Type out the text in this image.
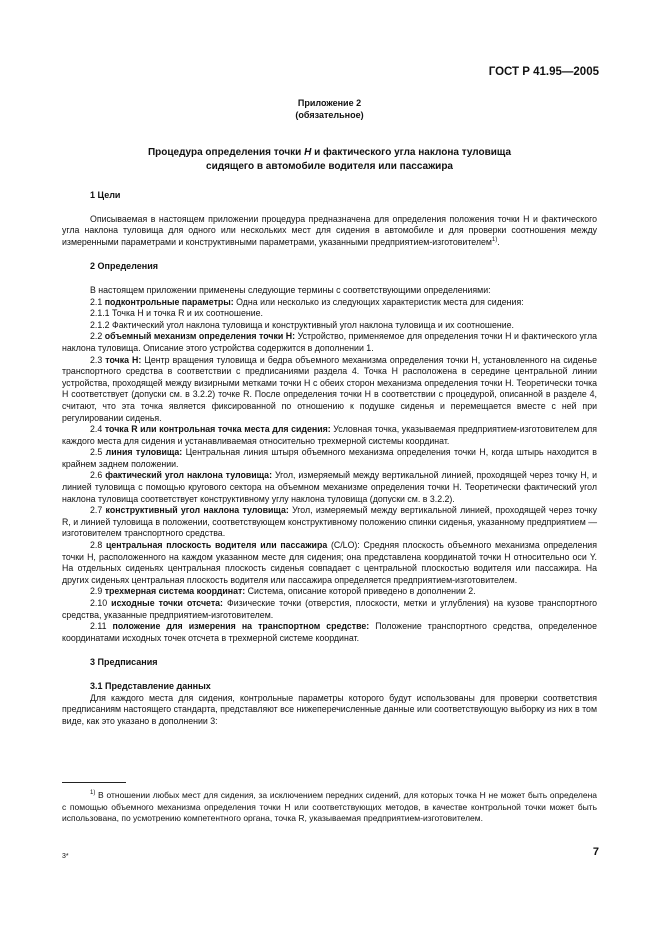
ГОСТ Р 41.95—2005
Приложение 2
(обязательное)
Процедура определения точки Н и фактического угла наклона туловища
сидящего в автомобиле водителя или пассажира
1 Цели

Описываемая в настоящем приложении процедура предназначена для определения положения точки Н и фактического угла наклона туловища для одного или нескольких мест для сидения в автомобиле и для проверки соотношения между измеренными параметрами и конструктивными параметрами, указанными предприятием-изготовителем$^{1)}$.

2 Определения

В настоящем приложении применены следующие термины с соответствующими определениями:

2.1 подконтрольные параметры: Одна или несколько из следующих характеристик места для сидения:

2.1.1 Точка Н и точка R и их соотношение.

2.1.2 Фактический угол наклона туловища и конструктивный угол наклона туловища и их соотношение.

2.2 объемный механизм определения точки Н: Устройство, применяемое для определения точки Н и фактического угла наклона туловища. Описание этого устройства содержится в дополнении 1.

2.3 точка Н: Центр вращения туловища и бедра объемного механизма определения точки Н, установленного на сиденье транспортного средства в соответствии с предписаниями раздела 4. Точка Н расположена в середине центральной линии устройства, проходящей между визирными метками точки Н с обеих сторон механизма определения точки Н. Теоретически точка Н соответствует (допуски см. в 3.2.2) точке R. После определения точки Н в соответствии с процедурой, описанной в разделе 4, считают, что эта точка является фиксированной по отношению к подушке сиденья и перемещается вместе с ней при регулировании сиденья.

2.4 точка R или контрольная точка места для сидения: Условная точка, указываемая предприятием-изготовителем для каждого места для сидения и устанавливаемая относительно трехмерной системы координат.

2.5 линия туловища: Центральная линия штыря объемного механизма определения точки Н, когда штырь находится в крайнем заднем положении.

2.6 фактический угол наклона туловища: Угол, измеряемый между вертикальной линией, проходящей через точку Н, и линией туловища с помощью кругового сектора на объемном механизме определения точки Н. Теоретически фактический угол наклона туловища соответствует конструктивному углу наклона туловища (допуски см. в 3.2.2).

2.7 конструктивный угол наклона туловища: Угол, измеряемый между вертикальной линией, проходящей через точку R, и линией туловища в положении, соответствующем конструктивному положению спинки сиденья, указанному предприятием — изготовителем транспортного средства.

2.8 центральная плоскость водителя или пассажира (С/LO): Средняя плоскость объемного механизма определения точки Н, расположенного на каждом указанном месте для сидения; она представлена координатой точки Н относительно оси Y. На отдельных сиденьях центральная плоскость сиденья совпадает с центральной плоскостью водителя или пассажира. На других сиденьях центральная плоскость водителя или пассажира определяется предприятием-изготовителем.

2.9 трехмерная система координат: Система, описание которой приведено в дополнении 2.

2.10 исходные точки отсчета: Физические точки (отверстия, плоскости, метки и углубления) на кузове транспортного средства, указанные предприятием-изготовителем.

2.11 положение для измерения на транспортном средстве: Положение транспортного средства, определенное координатами исходных точек отсчета в трехмерной системе координат.

3 Предписания
3.1 Представление данных

Для каждого места для сидения, контрольные параметры которого будут использованы для проверки соответствия предписаниям настоящего стандарта, представляют все нижеперечисленные данные или соответствующую выборку из них в том виде, как это указано в дополнении 3:

$^{1)}$ В отношении любых мест для сидения, за исключением передних сидений, для которых точка Н не может быть определена с помощью объемного механизма определения точки Н или соответствующих методов, в качестве контрольной точки может быть использована, по усмотрению компетентного органа, точка R, указываемая предприятием-изготовителем.

3*	7
